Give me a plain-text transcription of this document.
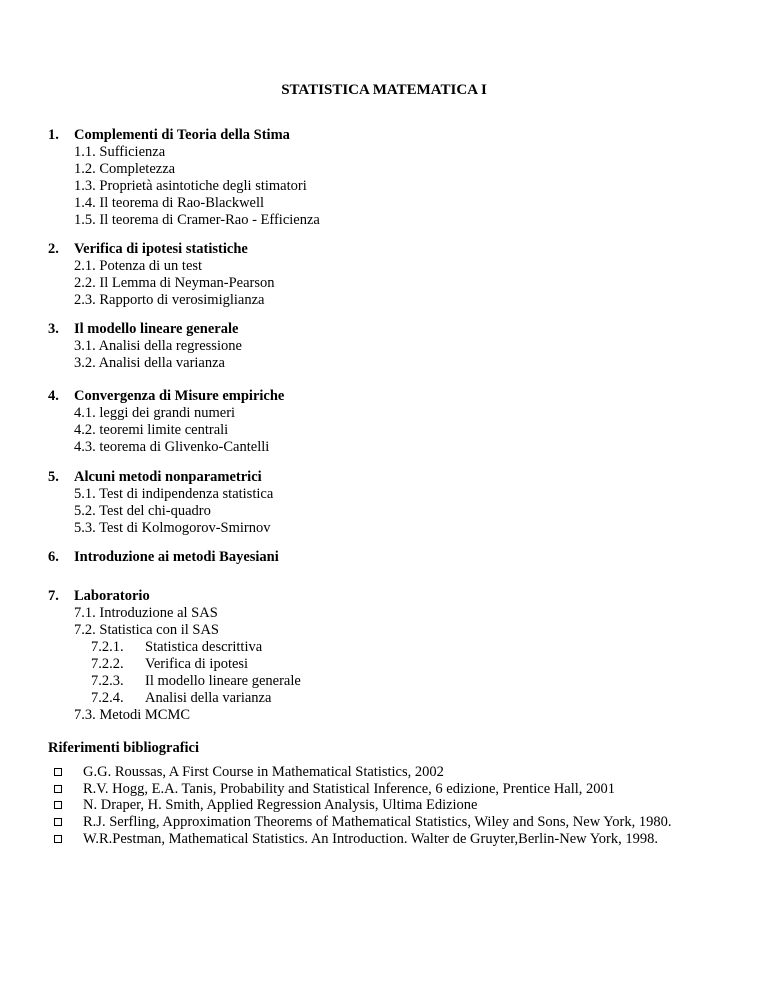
STATISTICA MATEMATICA I
1.	Complementi di Teoria della Stima
1.1. Sufficienza
1.2. Completezza
1.3. Proprietà asintotiche degli stimatori
1.4. Il teorema di Rao-Blackwell
1.5. Il teorema di Cramer-Rao - Efficienza
2.	Verifica di ipotesi statistiche
2.1. Potenza di un test
2.2. Il Lemma di Neyman-Pearson
2.3. Rapporto di verosimiglianza
3.	Il modello lineare generale
3.1. Analisi della regressione
3.2. Analisi della varianza
4.	Convergenza di Misure empiriche
4.1. leggi dei grandi numeri
4.2. teoremi limite centrali
4.3. teorema di Glivenko-Cantelli
5.	Alcuni metodi nonparametrici
5.1. Test di indipendenza statistica
5.2. Test del chi-quadro
5.3. Test di Kolmogorov-Smirnov
6.	Introduzione ai metodi Bayesiani
7.	Laboratorio
7.1. Introduzione al SAS
7.2. Statistica con il SAS
7.2.1.	Statistica descrittiva
7.2.2.	Verifica di ipotesi
7.2.3.	Il modello lineare generale
7.2.4.	Analisi della varianza
7.3. Metodi MCMC
Riferimenti bibliografici
G.G. Roussas, A First Course in Mathematical Statistics, 2002
R.V. Hogg, E.A. Tanis, Probability and Statistical Inference, 6 edizione, Prentice Hall, 2001
N. Draper, H. Smith, Applied Regression Analysis, Ultima Edizione
R.J. Serfling, Approximation Theorems of Mathematical Statistics, Wiley and Sons, New York, 1980.
W.R.Pestman, Mathematical Statistics. An Introduction. Walter de Gruyter,Berlin-New York, 1998.
